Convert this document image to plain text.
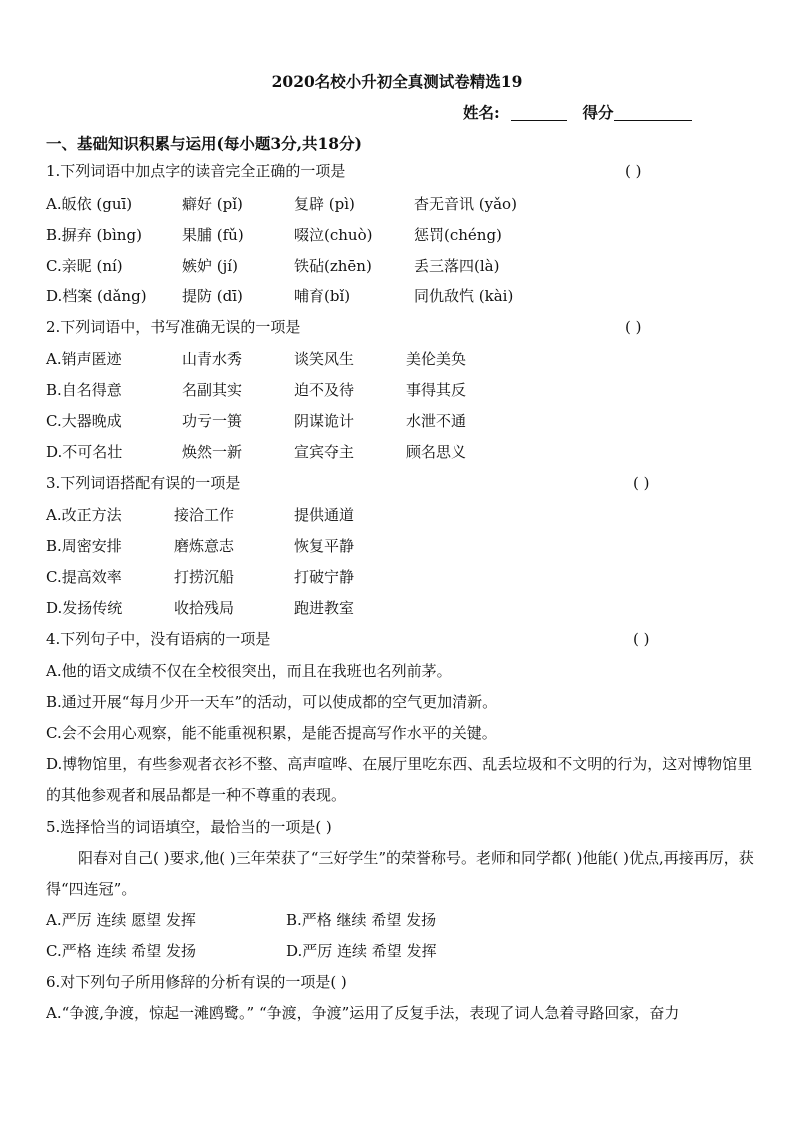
2020名校小升初全真测试卷精选19
姓名:	得分
一、基础知识积累与运用(每小题3分,共18分)
1.下列词语中加点字的读音完全正确的一项是	( )
A.皈依 (guī)	癖好 (pǐ)	复辟 (pì)	杳无音讯 (yǎo)
B.摒弃 (bìng)	果脯 (fǔ)	啜泣(chuò)	惩罚(chéng)
C.亲昵 (ní)	嫉妒 (jí)	铁砧(zhēn)	丢三落四(là)
D.档案 (dǎng) 提防 (dī)	哺育(bǐ)	同仇敌忾 (kài)
2.下列词语中，书写准确无误的一项是	( )
A.销声匿迹	山青水秀	谈笑风生	美伦美奂
B.自名得意	名副其实	迫不及待	事得其反
C.大器晚成	功亏一篑	阴谋诡计	水泄不通
D.不可名壮	焕然一新	宣宾夺主	顾名思义
3.下列词语搭配有误的一项是	( )
A.改正方法	接洽工作	提供通道
B.周密安排	磨炼意志	恢复平静
C.提高效率	打捞沉船	打破宁静
D.发扬传统	收拾残局	跑进教室
4.下列句子中，没有语病的一项是	( )
A.他的语文成绩不仅在全校很突出，而且在我班也名列前茅。
B.通过开展“每月少开一天车”的活动，可以使成都的空气更加清新。
C.会不会用心观察，能不能重视积累，是能否提高写作水平的关键。
D.博物馆里，有些参观者衣衫不整、高声喧哗、在展厅里吃东西、乱丢垃圾和不文明的行为，这对博物馆里的其他参观者和展品都是一种不尊重的表现。
5.选择恰当的词语填空，最恰当的一项是( )
阳春对自己( )要求,他( )三年荣获了“三好学生”的荣誉称号。老师和同学都( )他能( )优点,再接再厉，获得“四连冠”。
A.严厉 连续 愿望 发挥	B.严格 继续 希望 发扬
C.严格 连续 希望 发扬	D.严厉 连续 希望 发挥
6.对下列句子所用修辞的分析有误的一项是( )
A.“争渡,争渡，惊起一滩鸥鹭。” “争渡，争渡”运用了反复手法，表现了词人急着寻路回家，奋力
